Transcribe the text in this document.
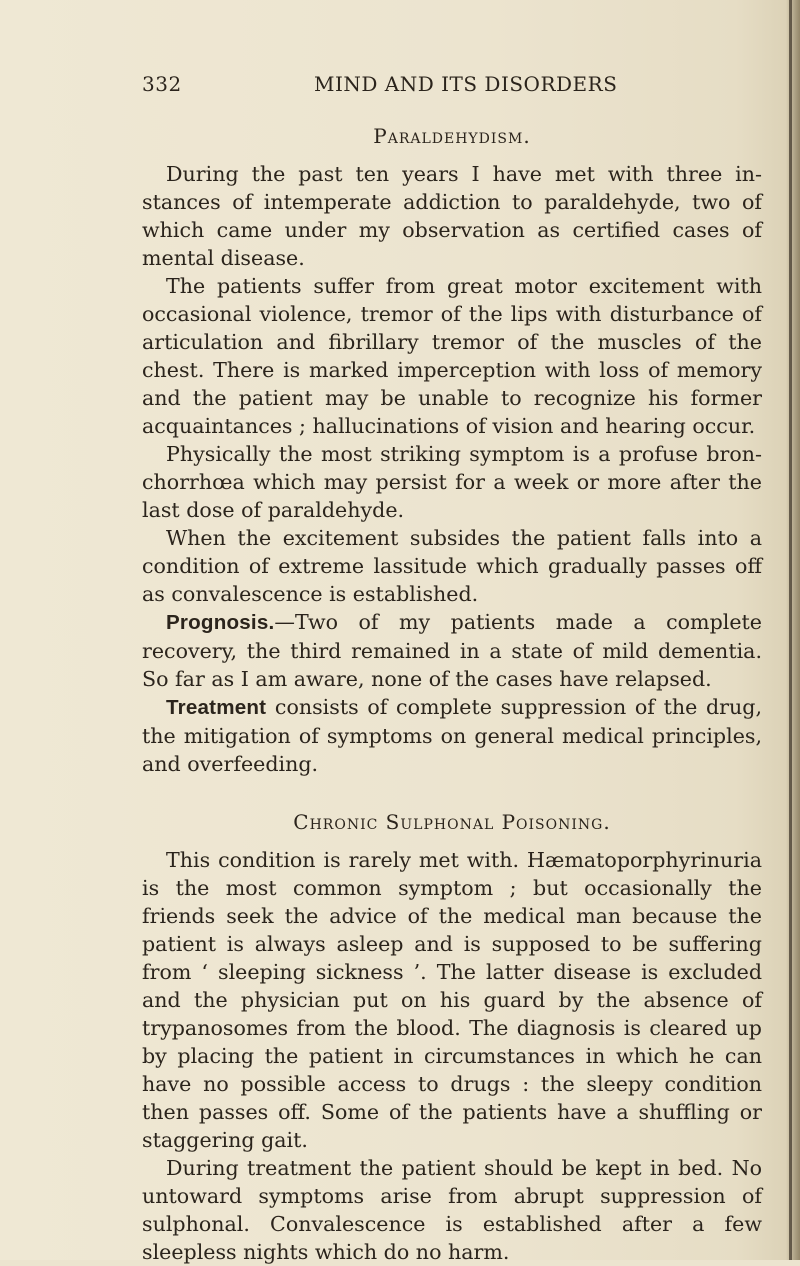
332	MIND AND ITS DISORDERS
Paraldehydism.

During the past ten years I have met with three instances of intemperate addiction to paraldehyde, two of which came under my observation as certified cases of mental disease.

The patients suffer from great motor excitement with occasional violence, tremor of the lips with disturbance of articulation and fibrillary tremor of the muscles of the chest. There is marked imperception with loss of memory and the patient may be unable to recognize his former acquaintances ; hallucinations of vision and hearing occur.

Physically the most striking symptom is a profuse bronchorrhœa which may persist for a week or more after the last dose of paraldehyde.

When the excitement subsides the patient falls into a condition of extreme lassitude which gradually passes off as convalescence is established.

Prognosis.—Two of my patients made a complete recovery, the third remained in a state of mild dementia. So far as I am aware, none of the cases have relapsed.

Treatment consists of complete suppression of the drug, the mitigation of symptoms on general medical principles, and overfeeding.

Chronic Sulphonal Poisoning.

This condition is rarely met with. Hæmatoporphyrinuria is the most common symptom ; but occasionally the friends seek the advice of the medical man because the patient is always asleep and is supposed to be suffering from ‘ sleeping sickness ’. The latter disease is excluded and the physician put on his guard by the absence of trypanosomes from the blood. The diagnosis is cleared up by placing the patient in circumstances in which he can have no possible access to drugs : the sleepy condition then passes off. Some of the patients have a shuffling or staggering gait.

During treatment the patient should be kept in bed. No untoward symptoms arise from abrupt suppression of sulphonal. Convalescence is established after a few sleepless nights which do no harm.
